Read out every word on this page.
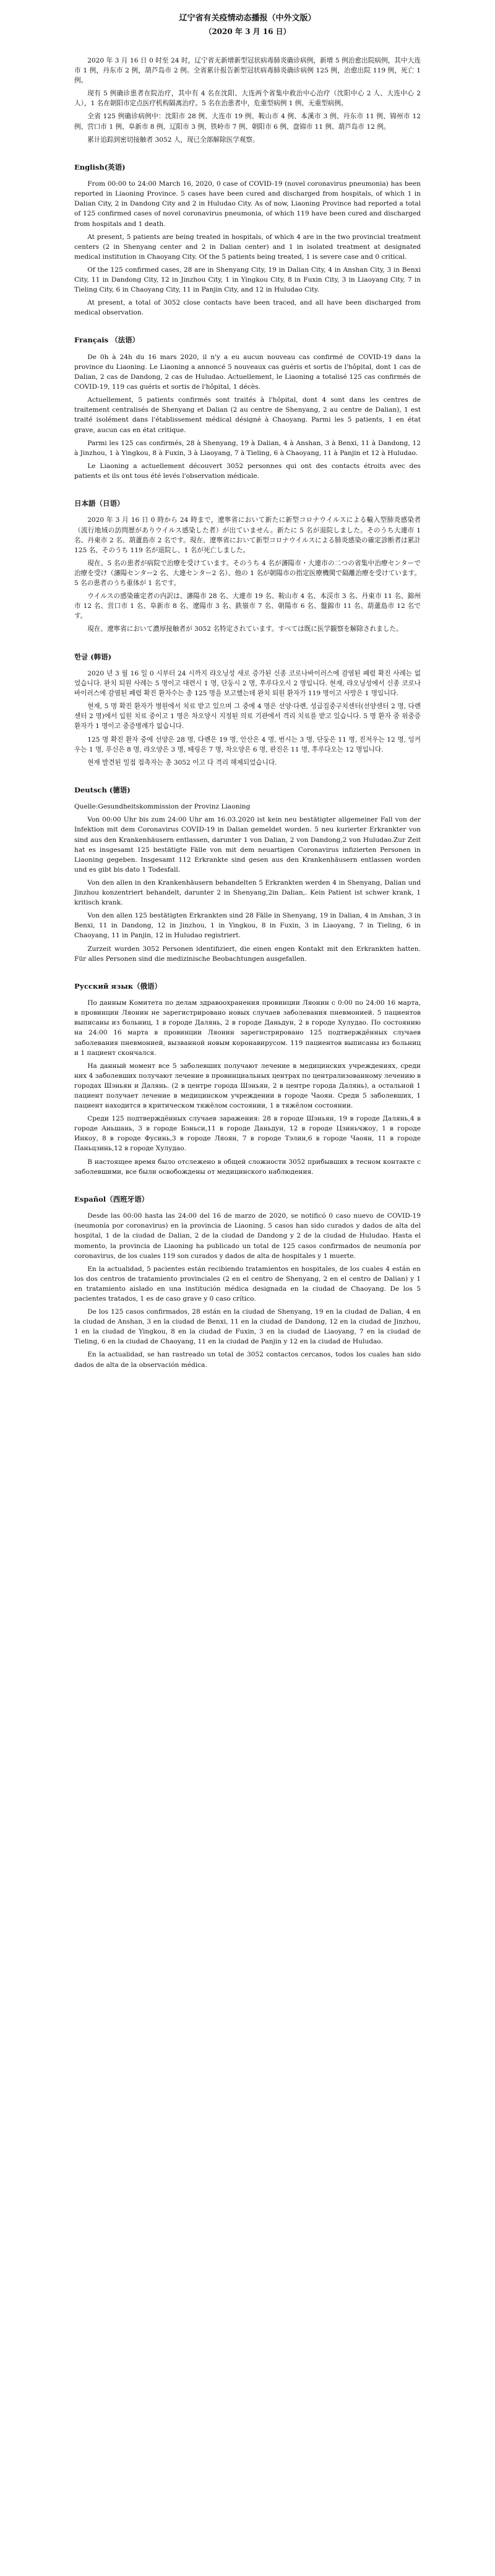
辽宁省有关疫情动态播报（中外文版）
（2020 年 3 月 16 日）

2020 年 3 月 16 日 0 时至 24 时，辽宁省无新增新型冠状病毒肺炎确诊病例，新增 5 例治愈出院病例，其中大连市 1 例，丹东市 2 例，葫芦岛市 2 例。全省累计报告新型冠状病毒肺炎确诊病例 125 例，治愈出院 119 例，死亡 1 例。

现有 5 例确诊患者在院治疗，其中有 4 名在沈阳、大连两个省集中救治中心治疗（沈阳中心 2 人、大连中心 2 人），1 名在朝阳市定点医疗机构隔离治疗。5 名在治患者中，危重型病例 1 例、无重型病例。

全省 125 例确诊病例中：沈阳市 28 例、大连市 19 例、鞍山市 4 例、本溪市 3 例、丹东市 11 例、锦州市 12 例、营口市 1 例、阜新市 8 例、辽阳市 3 例、铁岭市 7 例、朝阳市 6 例、盘锦市 11 例、葫芦岛市 12 例。

累计追踪到密切接触者 3052 人，现已全部解除医学观察。

English(英语)

From 00:00 to 24:00 March 16, 2020, 0 case of COVID-19 (novel coronavirus pneumonia) has been reported in Liaoning Province. 5 cases have been cured and discharged from hospitals, of which 1 in Dalian City, 2 in Dandong City and 2 in Huludao City. As of now, Liaoning Province had reported a total of 125 confirmed cases of novel coronavirus pneumonia, of which 119 have been cured and discharged from hospitals and 1 death.

At present, 5 patients are being treated in hospitals, of which 4 are in the two provincial treatment centers (2 in Shenyang center and 2 in Dalian center) and 1 in isolated treatment at designated medical institution in Chaoyang City. Of the 5 patients being treated, 1 is severe case and 0 critical.

Of the 125 confirmed cases, 28 are in Shenyang City, 19 in Dalian City, 4 in Anshan City, 3 in Benxi City, 11 in Dandong City, 12 in Jinzhou City, 1 in Yingkou City, 8 in Fuxin City, 3 in Liaoyang City, 7 in Tieling City, 6 in Chaoyang City, 11 in Panjin City, and 12 in Huludao City.

At present, a total of 3052 close contacts have been traced, and all have been discharged from medical observation.

Français （法语）

De 0h à 24h du 16 mars 2020, il n'y a eu aucun nouveau cas confirmé de COVID-19 dans la province du Liaoning. Le Liaoning a annoncé 5 nouveaux cas guéris et sortis de l'hôpital, dont 1 cas de Dalian, 2 cas de Dandong, 2 cas de Huludao. Actuellement, le Liaoning a totalisé 125 cas confirmés de COVID-19, 119 cas guéris et sortis de l'hôpital, 1 décès.

Actuellement, 5 patients confirmés sont traités à l'hôpital, dont 4 sont dans les centres de traitement centralisés de Shenyang et Dalian (2 au centre de Shenyang, 2 au centre de Dalian), 1 est traité isolément dans l'établissement médical désigné à Chaoyang. Parmi les 5 patients, 1 en état grave, aucun cas en état critique.

Parmi les 125 cas confirmés, 28 à Shenyang, 19 à Dalian, 4 à Anshan, 3 à Benxi, 11 à Dandong, 12 à Jinzhou, 1 à Yingkou, 8 à Fuxin, 3 à Liaoyang, 7 à Tieling, 6 à Chaoyang, 11 à Panjin et 12 à Huludao.

Le Liaoning a actuellement découvert 3052 personnes qui ont des contacts étroits avec des patients et ils ont tous été levés l'observation médicale.

日本語（日语）

2020 年 3 月 16 日 0 時から 24 時まで，遼寧省において新たに新型コロナウイルスによる輸入型肺炎感染者（流行地域の訪問歴がありウイルス感染した者）が出ていません。新たに 5 名が退院しました。そのうち大連市 1 名、丹東市 2 名、葫蘆島市 2 名です。現在、遼寧省において新型コロナウイルスによる肺炎感染の確定診断者は累計 125 名、そのうち 119 名が退院し、1 名が死亡しました。

現在、5 名の患者が病院で治療を受けています。そのうち 4 名が瀋陽市・大連市の二つの省集中治療センターで治療を受け（瀋陽センター2 名、大連センター2 名）、他の 1 名が朝陽市の指定医療機関で隔離治療を受けています。5 名の患者のうち重体が 1 名です。

ウイルスの感染確定者の内訳は、瀋陽市 28 名、大連市 19 名、鞍山市 4 名、本渓市 3 名、丹東市 11 名、錦州市 12 名、営口市 1 名、阜新市 8 名、遼陽市 3 名、鉄嶺市 7 名、朝陽市 6 名、盤錦市 11 名、葫蘆島市 12 名です。

現在、遼寧省において濃厚接触者が 3052 名特定されています。すべては既に医学観察を解除されました。

한글 (韩语)

2020 년 3 월 16 일 0 시부터 24 시까지 랴오닝성 새로 증가된 신종 코로나바이러스에 감염된 폐렴 확진 사례는 없었습니다. 완치 퇴원 사례는 5 명이고 대련시 1 명, 단둥시 2 명, 후루다오시 2 명입니다. 현재, 랴오닝성에서 신종 코로나바이러스에 감염된 폐렴 확진 환자수는 총 125 명을 보고했는데 완치 퇴원 환자가 119 명이고 사망은 1 명입니다.

현재, 5 명 확진 환자가 병원에서 치료 받고 있으며 그 중에 4 명은 선양·다롄, 성급집중구치센터(선양센터 2 명, 다롄센터 2 명)에서 입원 치료 중이고 1 명은 차오양시 지정된 의료 기관에서 격리 치료를 받고 있습니다. 5 명 환자 중 위중증환자가 1 명이고 중증병례가 없습니다.

125 명 확진 환자 중에 선양은 28 명, 다롄은 19 명, 안산은 4 명, 번시는 3 명, 단둥은 11 명, 진저우는 12 명, 잉커우는 1 명, 푸신은 8 명, 랴오양은 3 명, 톄링은 7 명, 차오양은 6 명, 판진은 11 명, 후루다오는 12 명입니다.

현재 발견된 밀접 접촉자는 총 3052 이고 다 격리 해제되었습니다.

Deutsch (德语)

Quelle:Gesundheitskommission der Provinz Liaoning

Von 00:00 Uhr bis zum 24:00 Uhr am 16.03.2020 ist kein neu bestätigter allgemeiner Fall von der Infektion mit dem Coronavirus COVID-19 in Dalian gemeldet worden. 5 neu kurierter Erkrankter von sind aus den Krankenhäusern entlassen, darunter 1 von Dalian, 2 von Dandong,2 von Huludao.Zur Zeit hat es insgesamt 125 bestätigte Fälle von mit dem neuartigen Coronavirus infizierten Personen in Liaoning gegeben. Insgesamt 112 Erkrankte sind gesen aus den Krankenhäusern entlassen worden und es gibt bis dato 1 Todesfall.

Von den allen in den Krankenhäusern behandelten 5 Erkrankten werden 4 in Shenyang, Dalian und Jinzhou konzentriert behandelt, darunter 2 in Shenyang,2in Dalian,. Kein Patient ist schwer krank, 1 kritisch krank.

Von den allen 125 bestätigten Erkrankten sind 28 Fälle in Shenyang, 19 in Dalian, 4 in Anshan, 3 in Benxi, 11 in Dandong, 12 in Jinzhou, 1 in Yingkou, 8 in Fuxin, 3 in Liaoyang, 7 in Tieling, 6 in Chaoyang, 11 in Panjin, 12 in Huludao registriert.

Zurzeit wurden 3052 Personen identifiziert, die einen engen Kontakt mit den Erkrankten hatten. Für alles Personen sind die medizinische Beobachtungen ausgefallen.

Русский язык（俄语）

По данным Комитета по делам здравоохранения провинции Ляонин с 0:00 по 24:00 16 марта, в провинции Ляонин не зарегистрировано новых случаев заболевания пневмонией. 5 пациентов выписаны из больниц, 1 в городе Далянь, 2 в городе Даньдун, 2 в городе Хулудао. По состоянию на 24:00 16 марта в провинции Ляонин зарегистрировано 125 подтверждённых случаев заболевания пневмонией, вызванной новым коронавирусом. 119 пациентов выписаны из больниц и 1 пациент скончался.

На данный момент все 5 заболевших получают лечение в медицинских учреждениях, среди них 4 заболевших получают лечение в провинциальных центрах по централизованному лечению в городах Шэньян и Далянь. (2 в центре города Шэньян, 2 в центре города Далянь), а остальной 1 пациент получает лечение в медицинском учреждении в городе Чаоян. Среди 5 заболевших, 1 пациент находится в критическом тяжёлом состоянии, 1 в тяжёлом состоянии.

Среди 125 подтверждённых случаев заражения: 28 в городе Шэньян, 19 в городе Далянь,4 в городе Аньшань, 3 в городе Бэньси,11 в городе Даньдун, 12 в городе Цзиньчжоу, 1 в городе Инкоу, 8 в городе Фусинь,3 в городе Ляоян, 7 в городе Тэлин,6 в городе Чаоян, 11 в городе Паньцзинь,12 в городе Хулудао.

В настоящее время было отслежено в общей сложности 3052 прибывших в тесном контакте с заболевшими, все были освобождены от медицинского наблюдения.

Español（西班牙语）

Desde las 00:00 hasta las 24:00 del 16 de marzo de 2020, se notificó 0 caso nuevo de COVID-19 (neumonía por coronavirus) en la provincia de Liaoning. 5 casos han sido curados y dados de alta del hospital, 1 de la ciudad de Dalian, 2 de la ciudad de Dandong y 2 de la ciudad de Huludao. Hasta el momento, la provincia de Liaoning ha publicado un total de 125 casos confirmados de neumonía por coronavirus, de los cuales 119 son curados y dados de alta de hospitales y 1 muerte.

En la actualidad, 5 pacientes están recibiendo tratamientos en hospitales, de los cuales 4 están en los dos centros de tratamiento provinciales (2 en el centro de Shenyang, 2 en el centro de Dalian) y 1 en tratamiento aislado en una institución médica designada en la ciudad de Chaoyang. De los 5 pacientes tratados, 1 es de caso grave y 0 caso crítico.

De los 125 casos confirmados, 28 están en la ciudad de Shenyang, 19 en la ciudad de Dalian, 4 en la ciudad de Anshan, 3 en la ciudad de Benxi, 11 en la ciudad de Dandong, 12 en la ciudad de Jinzhou, 1 en la ciudad de Yingkou, 8 en la ciudad de Fuxin, 3 en la ciudad de Liaoyang, 7 en la ciudad de Tieling, 6 en la ciudad de Chaoyang, 11 en la ciudad de Panjin y 12 en la ciudad de Huludao.

En la actualidad, se han rastreado un total de 3052 contactos cercanos, todos los cuales han sido dados de alta de la observación médica.
